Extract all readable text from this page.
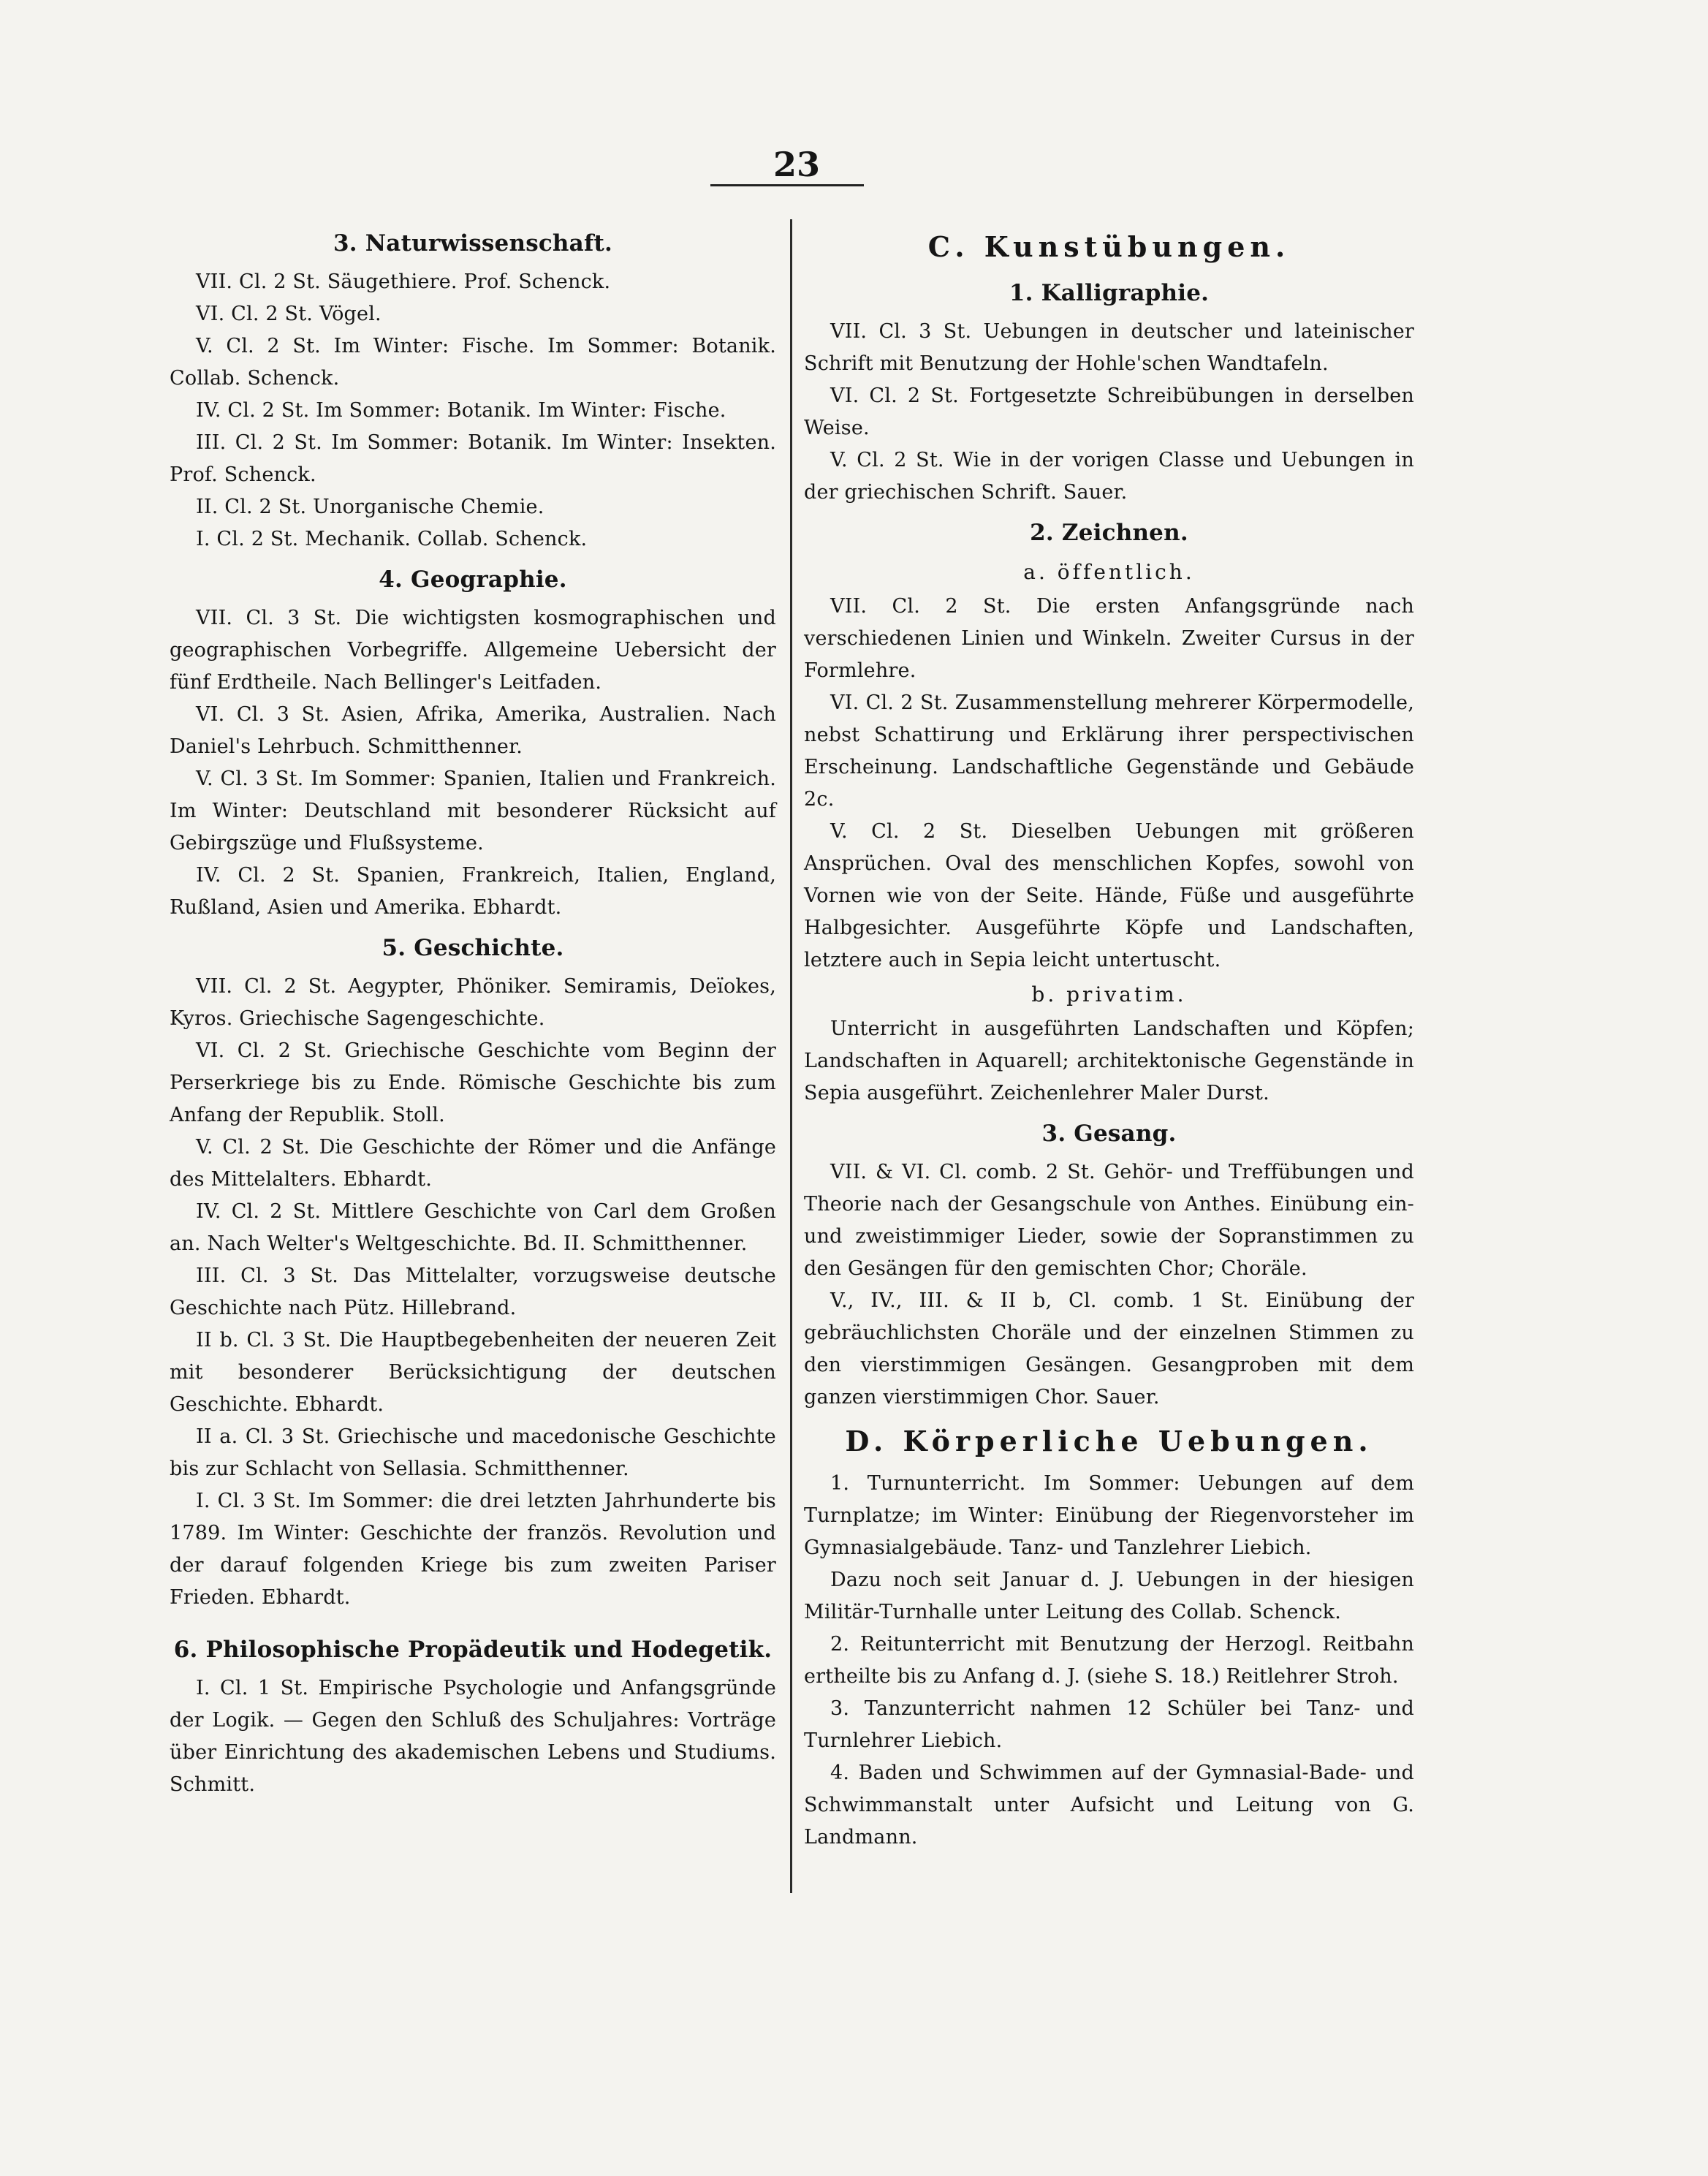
23
3. Naturwissenschaft.

VII. Cl. 2 St. Säugethiere. Prof. Schenck.

VI. Cl. 2 St. Vögel.

V. Cl. 2 St. Im Winter: Fische. Im Sommer: Botanik. Collab. Schenck.

IV. Cl. 2 St. Im Sommer: Botanik. Im Winter: Fische.

III. Cl. 2 St. Im Sommer: Botanik. Im Winter: Insekten. Prof. Schenck.

II. Cl. 2 St. Unorganische Chemie.

I. Cl. 2 St. Mechanik. Collab. Schenck.

4. Geographie.

VII. Cl. 3 St. Die wichtigsten kosmographischen und geographischen Vorbegriffe. Allgemeine Uebersicht der fünf Erdtheile. Nach Bellinger's Leitfaden.

VI. Cl. 3 St. Asien, Afrika, Amerika, Australien. Nach Daniel's Lehrbuch. Schmitthenner.

V. Cl. 3 St. Im Sommer: Spanien, Italien und Frankreich. Im Winter: Deutschland mit besonderer Rücksicht auf Gebirgszüge und Flußsysteme.

IV. Cl. 2 St. Spanien, Frankreich, Italien, England, Rußland, Asien und Amerika. Ebhardt.

5. Geschichte.

VII. Cl. 2 St. Aegypter, Phöniker. Semiramis, Deïokes, Kyros. Griechische Sagengeschichte.

VI. Cl. 2 St. Griechische Geschichte vom Beginn der Perserkriege bis zu Ende. Römische Geschichte bis zum Anfang der Republik. Stoll.

V. Cl. 2 St. Die Geschichte der Römer und die Anfänge des Mittelalters. Ebhardt.

IV. Cl. 2 St. Mittlere Geschichte von Carl dem Großen an. Nach Welter's Weltgeschichte. Bd. II. Schmitthenner.

III. Cl. 3 St. Das Mittelalter, vorzugsweise deutsche Geschichte nach Pütz. Hillebrand.

II b. Cl. 3 St. Die Hauptbegebenheiten der neueren Zeit mit besonderer Berücksichtigung der deutschen Geschichte. Ebhardt.

II a. Cl. 3 St. Griechische und macedonische Geschichte bis zur Schlacht von Sellasia. Schmitthenner.

I. Cl. 3 St. Im Sommer: die drei letzten Jahrhunderte bis 1789. Im Winter: Geschichte der französ. Revolution und der darauf folgenden Kriege bis zum zweiten Pariser Frieden. Ebhardt.

6. Philosophische Propädeutik und Hodegetik.

I. Cl. 1 St. Empirische Psychologie und Anfangsgründe der Logik. — Gegen den Schluß des Schuljahres: Vorträge über Einrichtung des akademischen Lebens und Studiums. Schmitt.

C. Kunstübungen.
1. Kalligraphie.

VII. Cl. 3 St. Uebungen in deutscher und lateinischer Schrift mit Benutzung der Hohle'schen Wandtafeln.

VI. Cl. 2 St. Fortgesetzte Schreibübungen in derselben Weise.

V. Cl. 2 St. Wie in der vorigen Classe und Uebungen in der griechischen Schrift. Sauer.

2. Zeichnen.
a. öffentlich.

VII. Cl. 2 St. Die ersten Anfangsgründe nach verschiedenen Linien und Winkeln. Zweiter Cursus in der Formlehre.

VI. Cl. 2 St. Zusammenstellung mehrerer Körpermodelle, nebst Schattirung und Erklärung ihrer perspectivischen Erscheinung. Landschaftliche Gegenstände und Gebäude 2c.

V. Cl. 2 St. Dieselben Uebungen mit größeren Ansprüchen. Oval des menschlichen Kopfes, sowohl von Vornen wie von der Seite. Hände, Füße und ausgeführte Halbgesichter. Ausgeführte Köpfe und Landschaften, letztere auch in Sepia leicht untertuscht.

b. privatim.

Unterricht in ausgeführten Landschaften und Köpfen; Landschaften in Aquarell; architektonische Gegenstände in Sepia ausgeführt. Zeichenlehrer Maler Durst.

3. Gesang.

VII. & VI. Cl. comb. 2 St. Gehör- und Treffübungen und Theorie nach der Gesangschule von Anthes. Einübung ein- und zweistimmiger Lieder, sowie der Sopranstimmen zu den Gesängen für den gemischten Chor; Choräle.

V., IV., III. & II b, Cl. comb. 1 St. Einübung der gebräuchlichsten Choräle und der einzelnen Stimmen zu den vierstimmigen Gesängen. Gesangproben mit dem ganzen vierstimmigen Chor. Sauer.

D. Körperliche Uebungen.

1. Turnunterricht. Im Sommer: Uebungen auf dem Turnplatze; im Winter: Einübung der Riegenvorsteher im Gymnasialgebäude. Tanz- und Tanzlehrer Liebich.

Dazu noch seit Januar d. J. Uebungen in der hiesigen Militär-Turnhalle unter Leitung des Collab. Schenck.

2. Reitunterricht mit Benutzung der Herzogl. Reitbahn ertheilte bis zu Anfang d. J. (siehe S. 18.) Reitlehrer Stroh.

3. Tanzunterricht nahmen 12 Schüler bei Tanz- und Turnlehrer Liebich.

4. Baden und Schwimmen auf der Gymnasial-Bade- und Schwimmanstalt unter Aufsicht und Leitung von G. Landmann.
